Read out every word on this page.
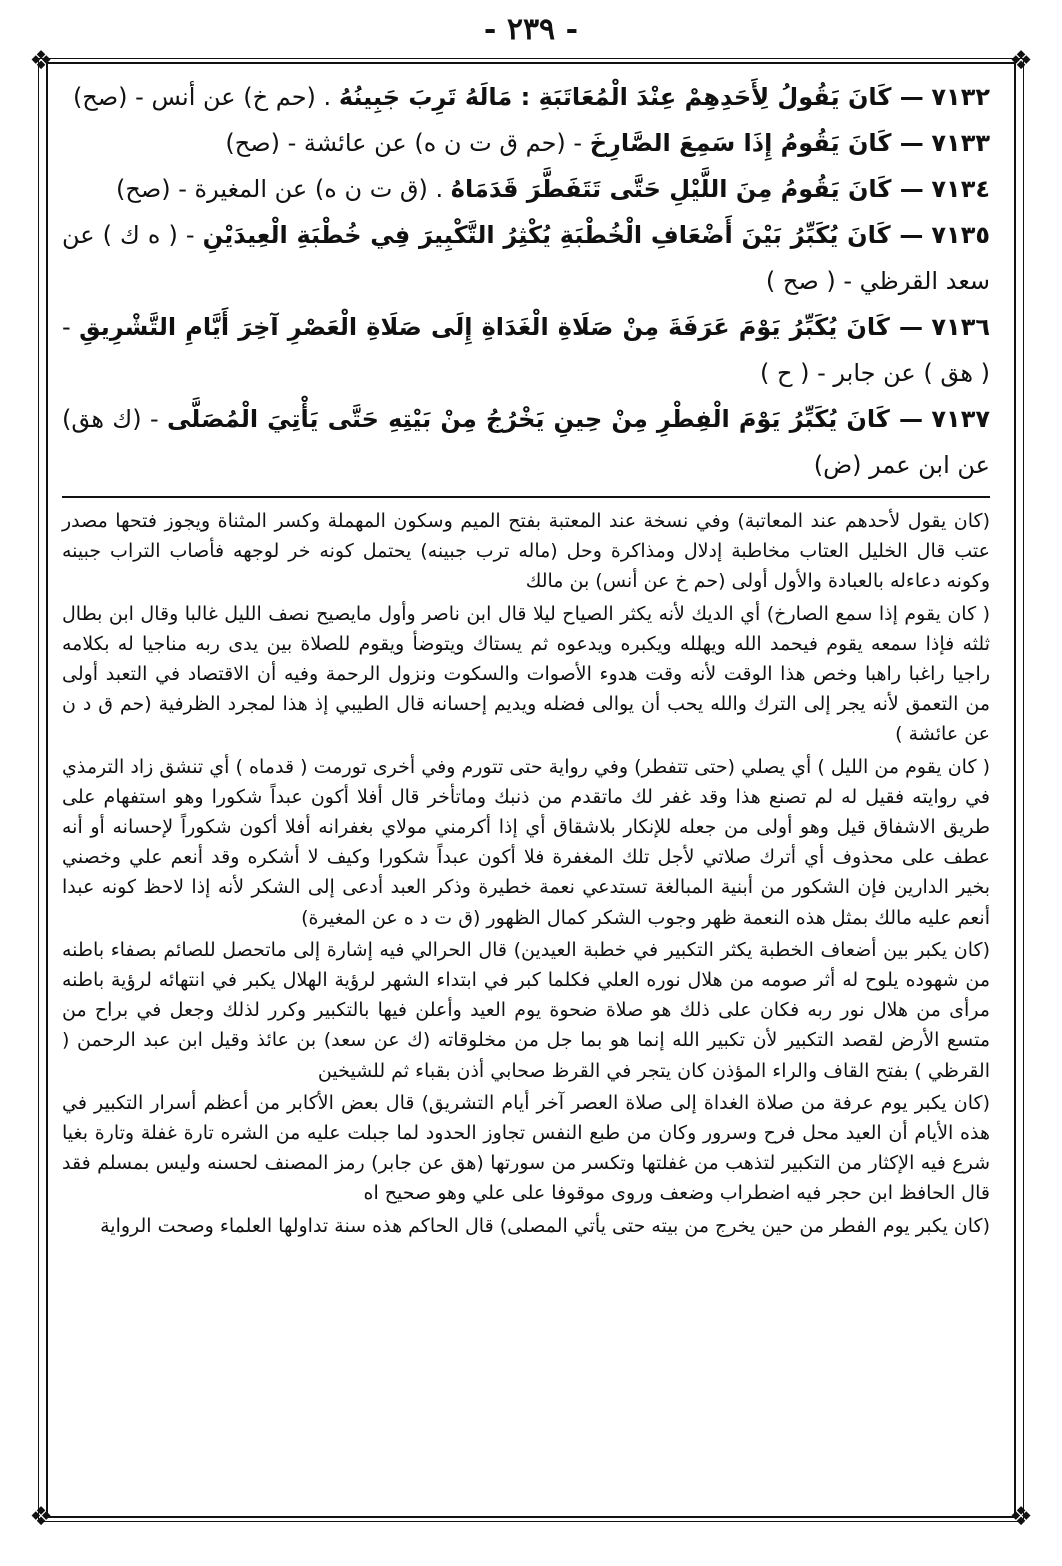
- ٢٣٩ -
❖	❖
❖	❖

٧١٣٢ — كَانَ يَقُولُ لِأَحَدِهِمْ عِنْدَ الْمُعَاتَبَةِ : مَالَهُ تَرِبَ جَبِينُهُ . (حم خ) عن أنس - (صح)

٧١٣٣ — كَانَ يَقُومُ إِذَا سَمِعَ الصَّارِخَ - (حم ق ت ن ه) عن عائشة - (صح)

٧١٣٤ — كَانَ يَقُومُ مِنَ اللَّيْلِ حَتَّى تَتَفَطَّرَ قَدَمَاهُ . (ق ت ن ه) عن المغيرة - (صح)

٧١٣٥ — كَانَ يُكَبِّرُ بَيْنَ أَضْعَافِ الْخُطْبَةِ يُكْثِرُ التَّكْبِيرَ فِي خُطْبَةِ الْعِيدَيْنِ - ( ه ك ) عن سعد القرظي - ( صح )

٧١٣٦ — كَانَ يُكَبِّرُ يَوْمَ عَرَفَةَ مِنْ صَلَاةِ الْغَدَاةِ إِلَى صَلَاةِ الْعَصْرِ آخِرَ أَيَّامِ التَّشْرِيقِ - ( هق ) عن جابر - ( ح )

٧١٣٧ — كَانَ يُكَبِّرُ يَوْمَ الْفِطْرِ مِنْ حِينِ يَخْرُجُ مِنْ بَيْتِهِ حَتَّى يَأْتِيَ الْمُصَلَّى - (ك هق) عن ابن عمر (ض)

(كان يقول لأحدهم عند المعاتبة) وفي نسخة عند المعتبة بفتح الميم وسكون المهملة وكسر المثناة ويجوز فتحها مصدر عتب قال الخليل العتاب مخاطبة إدلال ومذاكرة وحل (ماله ترب جبينه) يحتمل كونه خر لوجهه فأصاب التراب جبينه وكونه دعاءله بالعبادة والأول أولى (حم خ عن أنس) بن مالك

( كان يقوم إذا سمع الصارخ) أي الديك لأنه يكثر الصياح ليلا قال ابن ناصر وأول مايصيح نصف الليل غالبا وقال ابن بطال ثلثه فإذا سمعه يقوم فيحمد الله ويهلله ويكبره ويدعوه ثم يستاك ويتوضأ ويقوم للصلاة بين يدى ربه مناجيا له بكلامه راجيا راغبا راهبا وخص هذا الوقت لأنه وقت هدوء الأصوات والسكوت ونزول الرحمة وفيه أن الاقتصاد في التعبد أولى من التعمق لأنه يجر إلى الترك والله يحب أن يوالى فضله ويديم إحسانه قال الطيبي إذ هذا لمجرد الظرفية (حم ق د ن عن عائشة )

( كان يقوم من الليل ) أي يصلي (حتى تتفطر) وفي رواية حتى تتورم وفي أخرى تورمت ( قدماه ) أي تنشق زاد الترمذي في روايته فقيل له لم تصنع هذا وقد غفر لك ماتقدم من ذنبك وماتأخر قال أفلا أكون عبداً شكورا وهو استفهام على طريق الاشفاق قيل وهو أولى من جعله للإنكار بلاشقاق أي إذا أكرمني مولاي بغفرانه أفلا أكون شكوراً لإحسانه أو أنه عطف على محذوف أي أترك صلاتي لأجل تلك المغفرة فلا أكون عبداً شكورا وكيف لا أشكره وقد أنعم علي وخصني بخير الدارين فإن الشكور من أبنية المبالغة تستدعي نعمة خطيرة وذكر العبد أدعى إلى الشكر لأنه إذا لاحظ كونه عبدا أنعم عليه مالك بمثل هذه النعمة ظهر وجوب الشكر كمال الظهور (ق ت د ه عن المغيرة)

(كان يكبر بين أضعاف الخطبة يكثر التكبير في خطبة العيدين) قال الحرالي فيه إشارة إلى ماتحصل للصائم بصفاء باطنه من شهوده يلوح له أثر صومه من هلال نوره العلي فكلما كبر في ابتداء الشهر لرؤية الهلال يكبر في انتهائه لرؤية باطنه مرأى من هلال نور ربه فكان على ذلك هو صلاة ضحوة يوم العيد وأعلن فيها بالتكبير وكرر لذلك وجعل في براح من متسع الأرض لقصد التكبير لأن تكبير الله إنما هو بما جل من مخلوقاته (ك عن سعد) بن عائذ وقيل ابن عبد الرحمن ( القرظي ) بفتح القاف والراء المؤذن كان يتجر في القرظ صحابي أذن بقباء ثم للشيخين

(كان يكبر يوم عرفة من صلاة الغداة إلى صلاة العصر آخر أيام التشريق) قال بعض الأكابر من أعظم أسرار التكبير في هذه الأيام أن العيد محل فرح وسرور وكان من طبع النفس تجاوز الحدود لما جبلت عليه من الشره تارة غفلة وتارة بغيا شرع فيه الإكثار من التكبير لتذهب من غفلتها وتكسر من سورتها (هق عن جابر) رمز المصنف لحسنه وليس بمسلم فقد قال الحافظ ابن حجر فيه اضطراب وضعف وروى موقوفا على علي وهو صحيح اه

(كان يكبر يوم الفطر من حين يخرج من بيته حتى يأتي المصلى) قال الحاكم هذه سنة تداولها العلماء وصحت الرواية
